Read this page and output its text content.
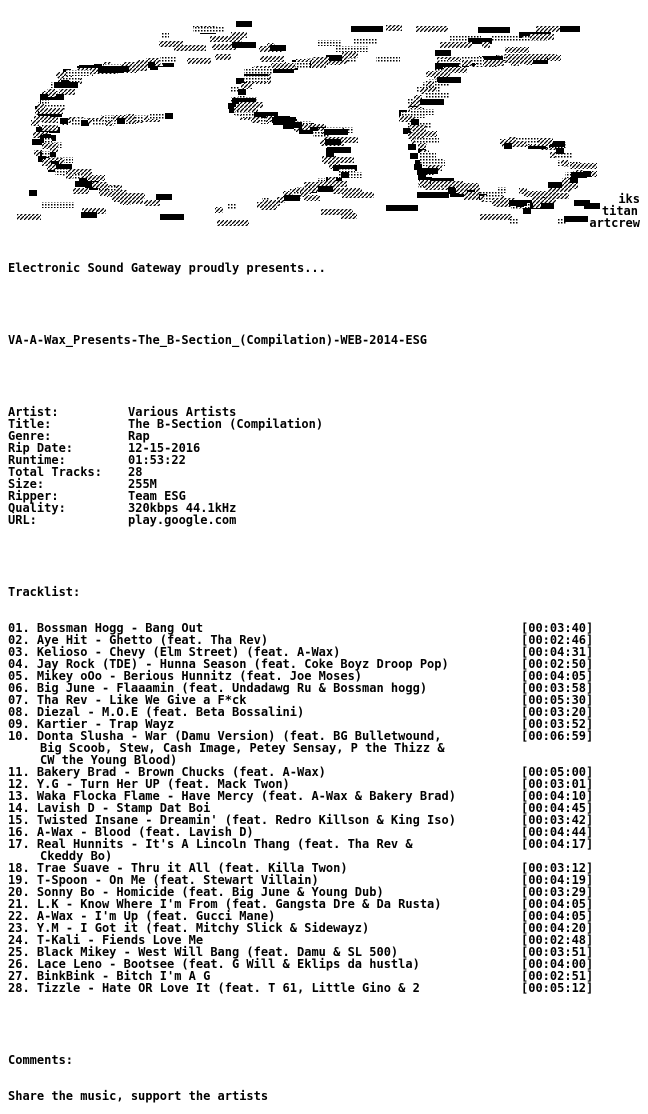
iks
titan
artcrew

Electronic Sound Gateway proudly presents...

VA-A-Wax_Presents-The_B-Section_(Compilation)-WEB-2014-ESG

Artist:	Various Artists
Title:	The B-Section (Compilation)
Genre:	Rap
Rip Date:	12-15-2016
Runtime:	01:53:22
Total Tracks: 28
Size:	255M
Ripper:	Team ESG
Quality:	320kbps 44.1kHz
URL:	play.google.com

Tracklist:

01. Bossman Hogg - Bang Out	[00:03:40]
02. Aye Hit - Ghetto (feat. Tha Rev)	[00:02:46]
03. Kelioso - Chevy (Elm Street) (feat. A-Wax)	[00:04:31]
04. Jay Rock (TDE) - Hunna Season (feat. Coke Boyz Droop Pop)	[00:02:50]
05. Mikey oOo - Berious Hunnitz (feat. Joe Moses)	[00:04:05]
06. Big June - Flaaamin (feat. Undadawg Ru & Bossman hogg)	[00:03:58]
07. Tha Rev - Like We Give a F*ck	[00:05:30]
08. Diezal - M.O.E (feat. Beta Bossalini)	[00:03:20]
09. Kartier - Trap Wayz	[00:03:52]
10. Donta Slusha - War (Damu Version) (feat. BG Bulletwound,	[00:06:59]
Big Scoob, Stew, Cash Image, Petey Sensay, P the Thizz &
CW the Young Blood)
11. Bakery Brad - Brown Chucks (feat. A-Wax)	[00:05:00]
12. Y.G - Turn Her UP (feat. Mack Twon)	[00:03:01]
13. Waka Flocka Flame - Have Mercy (feat. A-Wax & Bakery Brad)	[00:04:10]
14. Lavish D - Stamp Dat Boi	[00:04:45]
15. Twisted Insane - Dreamin' (feat. Redro Killson & King Iso)	[00:03:42]
16. A-Wax - Blood (feat. Lavish D)	[00:04:44]
17. Real Hunnits - It's A Lincoln Thang (feat. Tha Rev &	[00:04:17]
Ckeddy Bo)
18. Trae Suave - Thru it All (feat. Killa Twon)	[00:03:12]
19. T-Spoon - On Me (feat. Stewart Villain)	[00:04:19]
20. Sonny Bo - Homicide (feat. Big June & Young Dub)	[00:03:29]
21. L.K - Know Where I'm From (feat. Gangsta Dre & Da Rusta)	[00:04:05]
22. A-Wax - I'm Up (feat. Gucci Mane)	[00:04:05]
23. Y.M - I Got it (feat. Mitchy Slick & Sidewayz)	[00:04:20]
24. T-Kali - Fiends Love Me	[00:02:48]
25. Black Mikey - West Will Bang (feat. Damu & SL 500)	[00:03:51]
26. Lace Leno - Bootsee (feat. G Will & Eklips da hustla)	[00:04:00]
27. BinkBink - Bitch I'm A G	[00:02:51]
28. Tizzle - Hate OR Love It (feat. T 61, Little Gino & 2	[00:05:12]

Comments:

Share the music, support the artists
